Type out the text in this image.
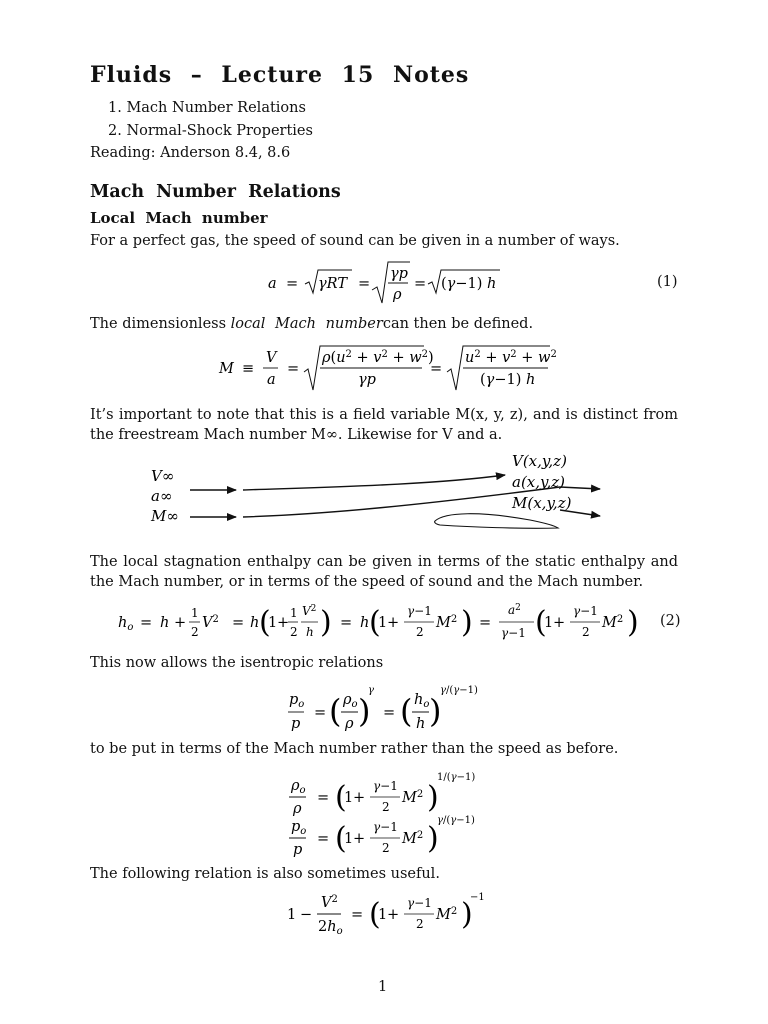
Fluids – Lecture 15 Notes
1. Mach Number Relations
2. Normal-Shock Properties
Reading: Anderson 8.4, 8.6
Mach Number Relations
Local Mach number
For a perfect gas, the speed of sound can be given in a number of ways.
a = γRT =
γp
ρ
= (γ−1) h	(1)
The dimensionless local Mach numbercan then be defined.
M ≡
V
a
=
$\rho(u^2 + v^2 + w^2)$
γp
=
$u^2 + v^2 + w^2$
(γ−1) h
It’s important to note that this is a field variable M(x, y, z), and is distinct from the freestream Mach number M∞. Likewise for V and a.
V∞
a∞
M∞
V(x,y,z)
a(x,y,z)
M(x,y,z)
The local stagnation enthalpy can be given in terms of the static enthalpy and the Mach number, or in terms of the speed of sound and the Mach number.
$h_o = h$ +
1
2
$V^2 = h$ (
1 +
1
2
$V^2$
h ) = h (
1 +
γ−1
2
$M^2$ ) =
$a^2$
γ−1 (
1 +
γ−1
2
$M^2$ ) (2)
This now allows the isentropic relations
$p_o$
p
= ( $\rho_o$
ρ )
γ
= ( $h_o$
h )
γ/(γ−1)
to be put in terms of the Mach number rather than the speed as before.
$\rho_o$
ρ
= (
1 +
γ−1
2
$M^2$ )
1/(γ−1)
$p_o$
p
= (
1 +
γ−1
2
$M^2$ )
γ/(γ−1)
The following relation is also sometimes useful.
1 −
$V^2$
$2h_o$
= (
1 +
γ−1
2
$M^2$ )
−1
1
